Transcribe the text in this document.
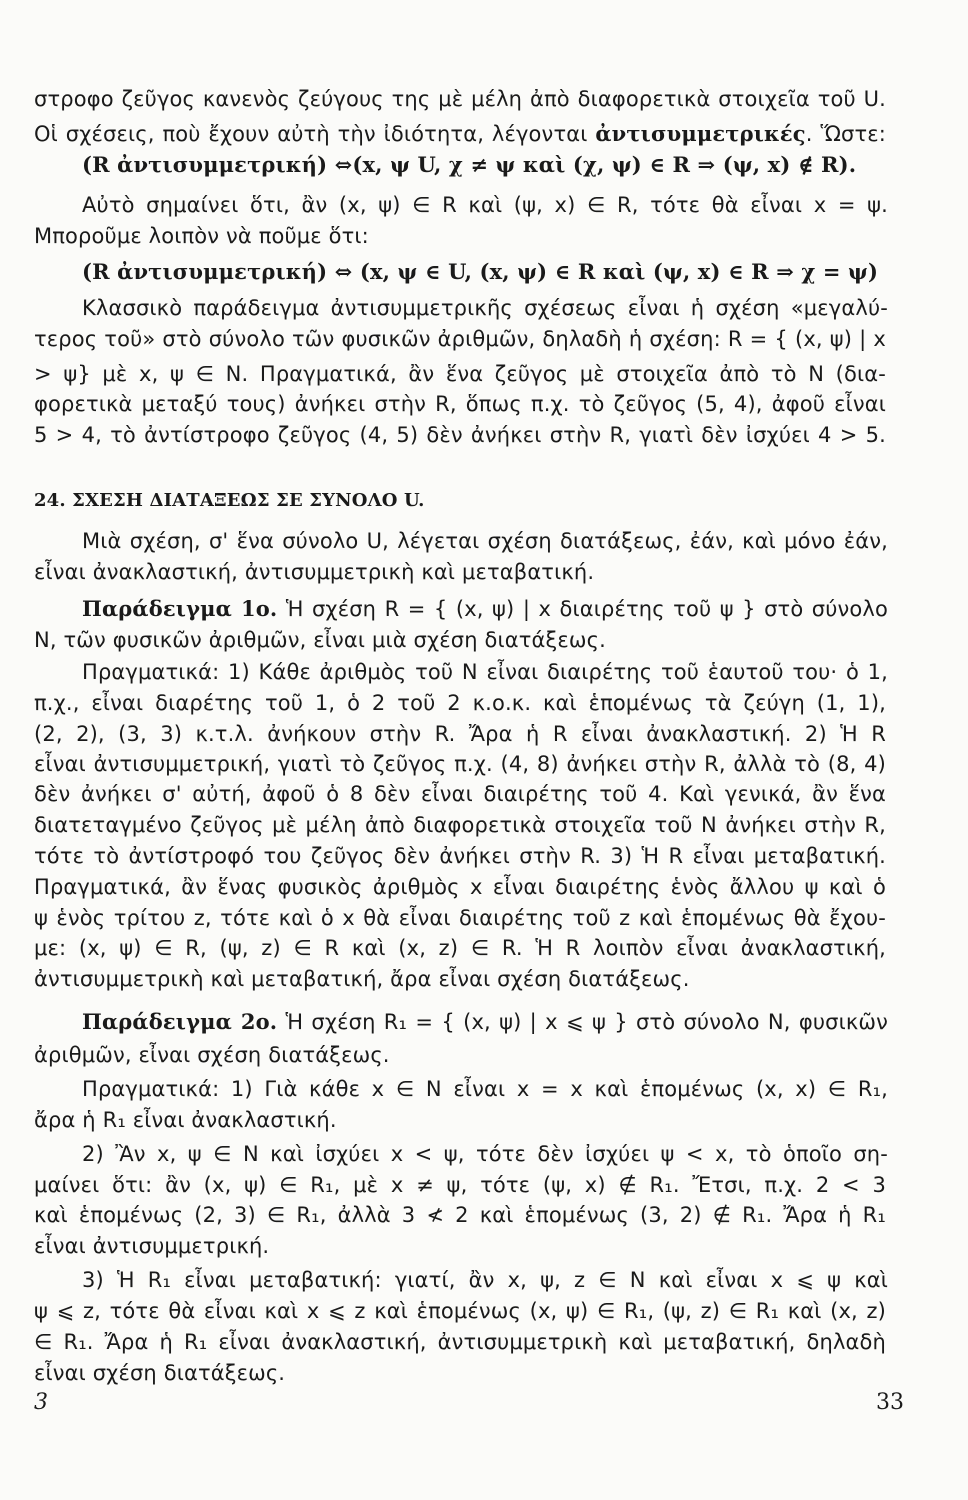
στροφο ζεῦγος κανενὸς ζεύγους της μὲ μέλη ἀπὸ διαφορετικὰ στοιχεῖα τοῦ U.
Οἱ σχέσεις, ποὺ ἔχουν αὐτὴ τὴν ἰδιότητα, λέγονται ἀντισυμμετρικές. Ὥστε:
(R ἀντισυμμετρική) ⇔(x, ψ U, χ ≠ ψ καὶ (χ, ψ) ∈ R ⇒ (ψ, x) ∉ R).
Αὐτὸ σημαίνει ὅτι, ἂν (x, ψ) ∈ R καὶ (ψ, x) ∈ R, τότε θὰ εἶναι x = ψ.
Μποροῦμε λοιπὸν νὰ ποῦμε ὅτι:
(R ἀντισυμμετρική) ⇔ (x, ψ ∈ U, (x, ψ) ∈ R καὶ (ψ, x) ∈ R ⇒ χ = ψ)
Κλασσικὸ παράδειγμα ἀντισυμμετρικῆς σχέσεως εἶναι ἡ σχέση «μεγαλύ-
τερος τοῦ» στὸ σύνολο τῶν φυσικῶν ἀριθμῶν, δηλαδὴ ἡ σχέση: R = { (x, ψ) | x
> ψ} μὲ x, ψ ∈ N. Πραγματικά, ἂν ἕνα ζεῦγος μὲ στοιχεῖα ἀπὸ τὸ N (δια-
φορετικὰ μεταξύ τους) ἀνήκει στὴν R, ὅπως π.χ. τὸ ζεῦγος (5, 4), ἀφοῦ εἶναι
5 > 4, τὸ ἀντίστροφο ζεῦγος (4, 5) δὲν ἀνήκει στὴν R, γιατὶ δὲν ἰσχύει 4 > 5.
24. ΣΧΕΣΗ ΔΙΑΤΑΞΕΩΣ ΣΕ ΣΥΝΟΛΟ U.
Μιὰ σχέση, σ' ἕνα σύνολο U, λέγεται σχέση διατάξεως, ἐάν, καὶ μόνο ἐάν,
εἶναι ἀνακλαστική, ἀντισυμμετρικὴ καὶ μεταβατική.
Παράδειγμα 1ο. Ἡ σχέση R = { (x, ψ) | x διαιρέτης τοῦ ψ } στὸ σύνολο
N, τῶν φυσικῶν ἀριθμῶν, εἶναι μιὰ σχέση διατάξεως.
Πραγματικά: 1) Κάθε ἀριθμὸς τοῦ N εἶναι διαιρέτης τοῦ ἑαυτοῦ του· ὁ 1,
π.χ., εἶναι διαρέτης τοῦ 1, ὁ 2 τοῦ 2 κ.ο.κ. καὶ ἑπομένως τὰ ζεύγη (1, 1),
(2, 2), (3, 3) κ.τ.λ. ἀνήκουν στὴν R. Ἄρα ἡ R εἶναι ἀνακλαστική. 2) Ἡ R
εἶναι ἀντισυμμετρική, γιατὶ τὸ ζεῦγος π.χ. (4, 8) ἀνήκει στὴν R, ἀλλὰ τὸ (8, 4)
δὲν ἀνήκει σ' αὐτή, ἀφοῦ ὁ 8 δὲν εἶναι διαιρέτης τοῦ 4. Καὶ γενικά, ἂν ἕνα
διατεταγμένο ζεῦγος μὲ μέλη ἀπὸ διαφορετικὰ στοιχεῖα τοῦ N ἀνήκει στὴν R,
τότε τὸ ἀντίστροφό του ζεῦγος δὲν ἀνήκει στὴν R. 3) Ἡ R εἶναι μεταβατική.
Πραγματικά, ἂν ἕνας φυσικὸς ἀριθμὸς x εἶναι διαιρέτης ἑνὸς ἄλλου ψ καὶ ὁ
ψ ἑνὸς τρίτου z, τότε καὶ ὁ x θὰ εἶναι διαιρέτης τοῦ z καὶ ἑπομένως θὰ ἔχου-
με: (x, ψ) ∈ R, (ψ, z) ∈ R καὶ (x, z) ∈ R. Ἡ R λοιπὸν εἶναι ἀνακλαστική,
ἀντισυμμετρικὴ καὶ μεταβατική, ἄρα εἶναι σχέση διατάξεως.
Παράδειγμα 2ο. Ἡ σχέση R₁ = { (x, ψ) | x ⩽ ψ } στὸ σύνολο N, φυσικῶν
ἀριθμῶν, εἶναι σχέση διατάξεως.
Πραγματικά: 1) Γιὰ κάθε x ∈ N εἶναι x = x καὶ ἑπομένως (x, x) ∈ R₁,
ἄρα ἡ R₁ εἶναι ἀνακλαστική.
2) Ἂν x, ψ ∈ N καὶ ἰσχύει x < ψ, τότε δὲν ἰσχύει ψ < x, τὸ ὁποῖο ση-
μαίνει ὅτι: ἂν (x, ψ) ∈ R₁, μὲ x ≠ ψ, τότε (ψ, x) ∉ R₁. Ἔτσι, π.χ. 2 < 3
καὶ ἑπομένως (2, 3) ∈ R₁, ἀλλὰ 3 ≮ 2 καὶ ἑπομένως (3, 2) ∉ R₁. Ἄρα ἡ R₁
εἶναι ἀντισυμμετρική.
3) Ἡ R₁ εἶναι μεταβατική: γιατί, ἂν x, ψ, z ∈ N καὶ εἶναι x ⩽ ψ καὶ
ψ ⩽ z, τότε θὰ εἶναι καὶ x ⩽ z καὶ ἑπομένως (x, ψ) ∈ R₁, (ψ, z) ∈ R₁ καὶ (x, z)
∈ R₁. Ἄρα ἡ R₁ εἶναι ἀνακλαστική, ἀντισυμμετρικὴ καὶ μεταβατική, δηλαδὴ
εἶναι σχέση διατάξεως.
3	33
